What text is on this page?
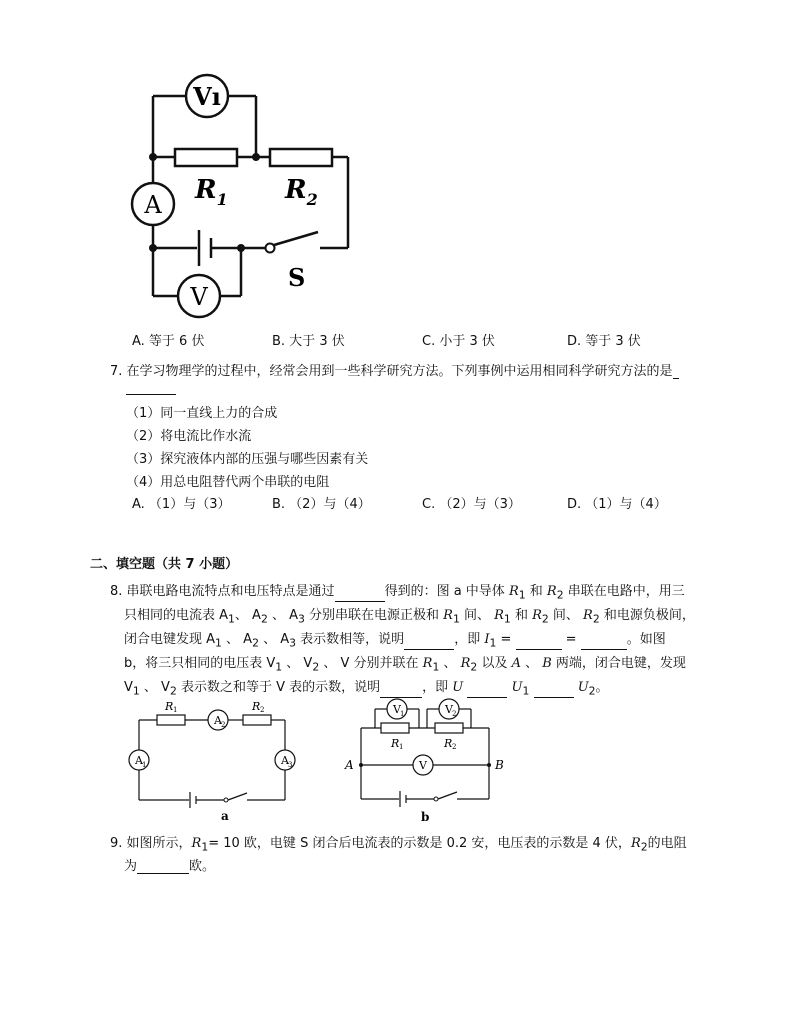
Vı
A
V
$R_1$ $R_2$
S
A. 等于 6 伏	B. 大于 3 伏	C. 小于 3 伏	D. 等于 3 伏
7. 在学习物理学的过程中，经常会用到一些科学研究方法。下列事例中运用相同科学研究方法的是
（1）同一直线上力的合成
（2）将电流比作水流
（3）探究液体内部的压强与哪些因素有关
（4）用总电阻替代两个串联的电阻
A. （1）与（3）	B. （2）与（4）	C. （2）与（3）	D. （1）与（4）
二、填空题（共 7 小题）
8. 串联电路电流特点和电压特点是通过	得到的：图 a 中导体 $R_1$ 和 $R_2$ 串联在电路中，用三
只相同的电流表 $A_1$、 $A_2$ 、 $A_3$ 分别串联在电源正极和 $R_1$ 间、 $R_1$ 和 $R_2$ 间、 $R_2$ 和电源负极间，
闭合电键发现 $A_1$ 、 $A_2$ 、 $A_3$ 表示数相等，说明	，即 $I_1$ =	=	。如图
b，将三只相同的电压表 $V_1$ 、 $V_2$ 、 V 分别并联在 $R_1$ 、 $R_2$ 以及 A 、 B 两端，闭合电键，发现
$V_1$ 、 $V_2$ 表示数之和等于 V 表的示数，说明	，即 U	$U_1$	$U_2$。
A 2
A 1	A 3
R 1	R 2
a
V 1	V 2
V
R 1	R 2
A	B
b
9. 如图所示，$R_1= 10$ 欧，电键 S 闭合后电流表的示数是 0.2 安，电压表的示数是 4 伏，$R_2$的电阻
为	欧。
